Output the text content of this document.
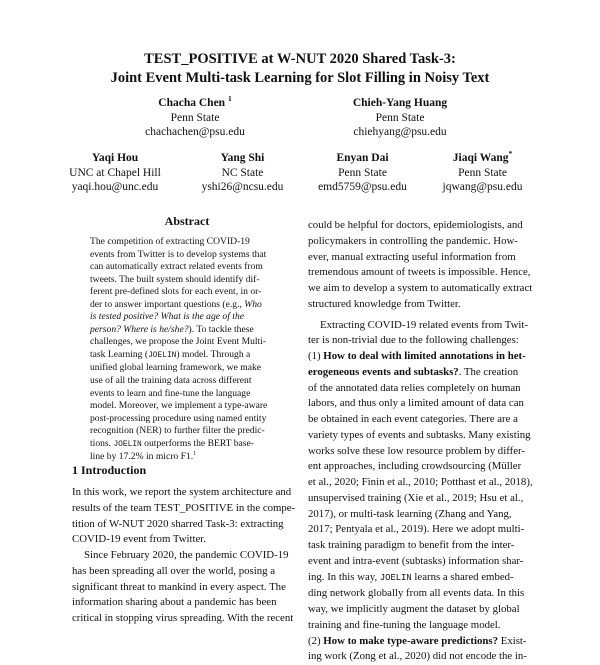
TEST_POSITIVE at W-NUT 2020 Shared Task-3:
Joint Event Multi-task Learning for Slot Filling in Noisy Text
Chacha Chen $^1$
Penn State
chachachen@psu.edu
Chieh-Yang Huang
Penn State
chiehyang@psu.edu
Yaqi Hou
UNC at Chapel Hill
yaqi.hou@unc.edu
Yang Shi
NC State
yshi26@ncsu.edu
Enyan Dai
Penn State
emd5759@psu.edu
Jiaqi Wang*
Penn State
jqwang@psu.edu
Abstract
The competition of extracting COVID-19
events from Twitter is to develop systems that
can automatically extract related events from
tweets. The built system should identify dif-
ferent pre-defined slots for each event, in or-
der to answer important questions (e.g., Who
is tested positive? What is the age of the
person? Where is he/she?). To tackle these
challenges, we propose the Joint Event Multi-
task Learning (JOELIN) model. Through a
unified global learning framework, we make
use of all the training data across different
events to learn and fine-tune the language
model. Moreover, we implement a type-aware
post-processing procedure using named entity
recognition (NER) to further filter the predic-
tions. JOELIN outperforms the BERT base-
line by 17.2% in micro F1.$^1$
1 Introduction
In this work, we report the system architecture and
results of the team TEST_POSITIVE in the compe-
tition of W-NUT 2020 sharred Task-3: extracting
COVID-19 event from Twitter.
Since February 2020, the pandemic COVID-19
has been spreading all over the world, posing a
significant threat to mankind in every aspect. The
information sharing about a pandemic has been
critical in stopping virus spreading. With the recent
could be helpful for doctors, epidemiologists, and
policymakers in controlling the pandemic. How-
ever, manual extracting useful information from
tremendous amount of tweets is impossible. Hence,
we aim to develop a system to automatically extract
structured knowledge from Twitter.
Extracting COVID-19 related events from Twit-
ter is non-trivial due to the following challenges:
(1) How to deal with limited annotations in het-
erogeneous events and subtasks?. The creation
of the annotated data relies completely on human
labors, and thus only a limited amount of data can
be obtained in each event categories. There are a
variety types of events and subtasks. Many existing
works solve these low resource problem by differ-
ent approaches, including crowdsourcing (Müller
et al., 2020; Finin et al., 2010; Potthast et al., 2018),
unsupervised training (Xie et al., 2019; Hsu et al.,
2017), or multi-task learning (Zhang and Yang,
2017; Pentyala et al., 2019). Here we adopt multi-
task training paradigm to benefit from the inter-
event and intra-event (subtasks) information shar-
ing. In this way, JOELIN learns a shared embed-
ding network globally from all events data. In this
way, we implicitly augment the dataset by global
training and fine-tuning the language model.
(2) How to make type-aware predictions? Exist-
ing work (Zong et al., 2020) did not encode the in-
